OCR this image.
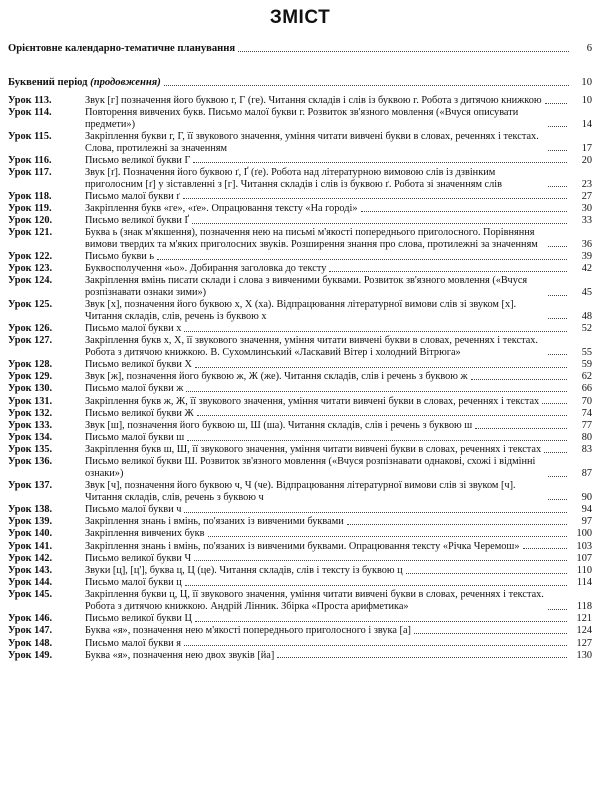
ЗМІСТ
Орієнтовне календарно-тематичне планування	6
Буквений період (продовження)	10
Урок 113.	Звук [г] позначення його буквою г, Г (ге). Читання складів і слів із буквою г. Робота з дитячою книжкою	10
Урок 114.	Повторення вивчених букв. Письмо малої букви г. Розвиток зв'язного мовлення («Вчуся описувати предмети»)	14
Урок 115.	Закріплення букви г, Г, її звукового значення, уміння читати вивчені букви в словах, реченнях і текстах. Слова, протилежні за значенням	17
Урок 116.	Письмо великої букви Г	20
Урок 117.	Звук [ґ]. Позначення його буквою ґ, Ґ (ґе). Робота над літературною вимовою слів із дзвінким приголосним [ґ] у зіставленні з [г]. Читання складів і слів із буквою ґ. Робота зі значенням слів	23
Урок 118.	Письмо малої букви ґ	27
Урок 119.	Закріплення букв «ге», «ґе». Опрацювання тексту «На городі»	30
Урок 120.	Письмо великої букви Ґ	33
Урок 121.	Буква ь (знак м'якшення), позначення нею на письмі м'якості попереднього приголосного. Порівняння вимови твердих та м'яких приголосних звуків. Розширення знання про слова, протилежні за значенням	36
Урок 122.	Письмо букви ь	39
Урок 123.	Буквосполучення «ьо». Добирання заголовка до тексту	42
Урок 124.	Закріплення вмінь писати склади і слова з вивченими буквами. Розвиток зв'язного мовлення («Вчуся розпізнавати ознаки зими»)	45
Урок 125.	Звук [х], позначення його буквою х, Х (ха). Відпрацювання літературної вимови слів зі звуком [х]. Читання складів, слів, речень із буквою х	48
Урок 126.	Письмо малої букви х	52
Урок 127.	Закріплення букв х, Х, її звукового значення, уміння читати вивчені букви в словах, реченнях і текстах. Робота з дитячою книжкою. В. Сухомлинський «Ласкавий Вітер і холодний Вітрюга»	55
Урок 128.	Письмо великої букви Х	59
Урок 129.	Звук [ж], позначення його буквою ж, Ж (же). Читання складів, слів і речень з буквою ж	62
Урок 130.	Письмо малої букви ж	66
Урок 131.	Закріплення букв ж, Ж, її звукового значення, уміння читати вивчені букви в словах, реченнях і текстах	70
Урок 132.	Письмо великої букви Ж	74
Урок 133.	Звук [ш], позначення його буквою ш, Ш (ша). Читання складів, слів і речень з буквою ш	77
Урок 134.	Письмо малої букви ш	80
Урок 135.	Закріплення букв ш, Ш, її звукового значення, уміння читати вивчені букви в словах, реченнях і текстах	83
Урок 136.	Письмо великої букви Ш. Розвиток зв'язного мовлення («Вчуся розпізнавати однакові, схожі і відмінні ознаки»)	87
Урок 137.	Звук [ч], позначення його буквою ч, Ч (че). Відпрацювання літературної вимови слів зі звуком [ч]. Читання складів, слів, речень з буквою ч	90
Урок 138.	Письмо малої букви ч	94
Урок 139.	Закріплення знань і вмінь, по'язаних із вивченими буквами	97
Урок 140.	Закріплення вивчених букв	100
Урок 141.	Закріплення знань і вмінь, по'язаних із вивченими буквами. Опрацювання тексту «Річка Черемош»	103
Урок 142.	Письмо великої букви Ч	107
Урок 143.	Звуки [ц], [ц'], буква ц, Ц (це). Читання складів, слів і тексту із буквою ц	110
Урок 144.	Письмо малої букви ц	114
Урок 145.	Закріплення букви ц, Ц, її звукового значення, уміння читати вивчені букви в словах, реченнях і текстах. Робота з дитячою книжкою. Андрій Лінник. Збірка «Проста арифметика»	118
Урок 146.	Письмо великої букви Ц	121
Урок 147.	Буква «я», позначення нею м'якості попереднього приголосного і звука [а]	124
Урок 148.	Письмо малої букви я	127
Урок 149.	Буква «я», позначення нею двох звуків [йа]	130
